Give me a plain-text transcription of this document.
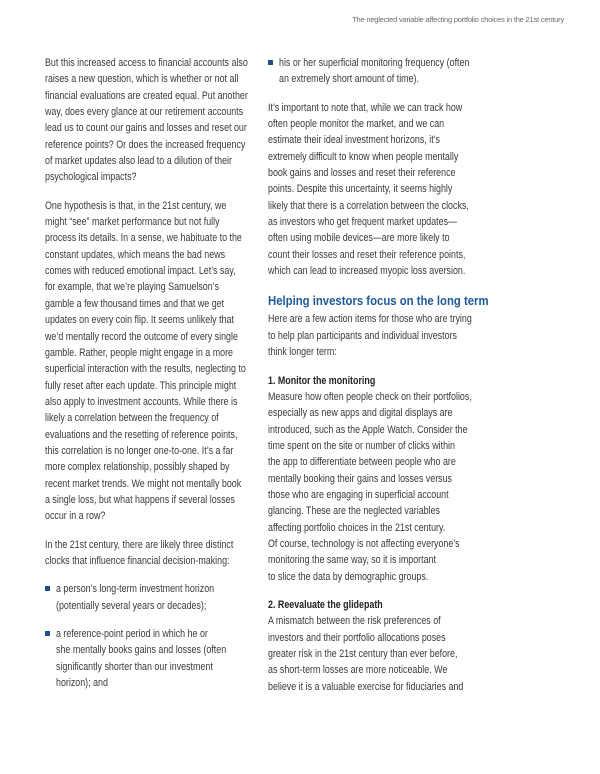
The neglected variable affecting portfolio choices in the 21st century
But this increased access to financial accounts also
raises a new question, which is whether or not all
financial evaluations are created equal. Put another
way, does every glance at our retirement accounts
lead us to count our gains and losses and reset our
reference points? Or does the increased frequency
of market updates also lead to a dilution of their
psychological impacts?
One hypothesis is that, in the 21st century, we
might “see” market performance but not fully
process its details. In a sense, we habituate to the
constant updates, which means the bad news
comes with reduced emotional impact. Let’s say,
for example, that we’re playing Samuelson’s
gamble a few thousand times and that we get
updates on every coin flip. It seems unlikely that
we’d mentally record the outcome of every single
gamble. Rather, people might engage in a more
superficial interaction with the results, neglecting to
fully reset after each update. This principle might
also apply to investment accounts. While there is
likely a correlation between the frequency of
evaluations and the resetting of reference points,
this correlation is no longer one-to-one. It’s a far
more complex relationship, possibly shaped by
recent market trends. We might not mentally book
a single loss, but what happens if several losses
occur in a row?
In the 21st century, there are likely three distinct
clocks that influence financial decision-making:
a person’s long-term investment horizon
(potentially several years or decades);
a reference-point period in which he or
she mentally books gains and losses (often
significantly shorter than our investment
horizon); and
his or her superficial monitoring frequency (often
an extremely short amount of time).
It’s important to note that, while we can track how
often people monitor the market, and we can
estimate their ideal investment horizons, it’s
extremely difficult to know when people mentally
book gains and losses and reset their reference
points. Despite this uncertainty, it seems highly
likely that there is a correlation between the clocks,
as investors who get frequent market updates—
often using mobile devices—are more likely to
count their losses and reset their reference points,
which can lead to increased myopic loss aversion.
Helping investors focus on the long term
Here are a few action items for those who are trying
to help plan participants and individual investors
think longer term:
1. Monitor the monitoring
Measure how often people check on their portfolios,
especially as new apps and digital displays are
introduced, such as the Apple Watch. Consider the
time spent on the site or number of clicks within
the app to differentiate between people who are
mentally booking their gains and losses versus
those who are engaging in superficial account
glancing. These are the neglected variables
affecting portfolio choices in the 21st century.
Of course, technology is not affecting everyone’s
monitoring the same way, so it is important
to slice the data by demographic groups.
2. Reevaluate the glidepath
A mismatch between the risk preferences of
investors and their portfolio allocations poses
greater risk in the 21st century than ever before,
as short-term losses are more noticeable. We
believe it is a valuable exercise for fiduciaries and
